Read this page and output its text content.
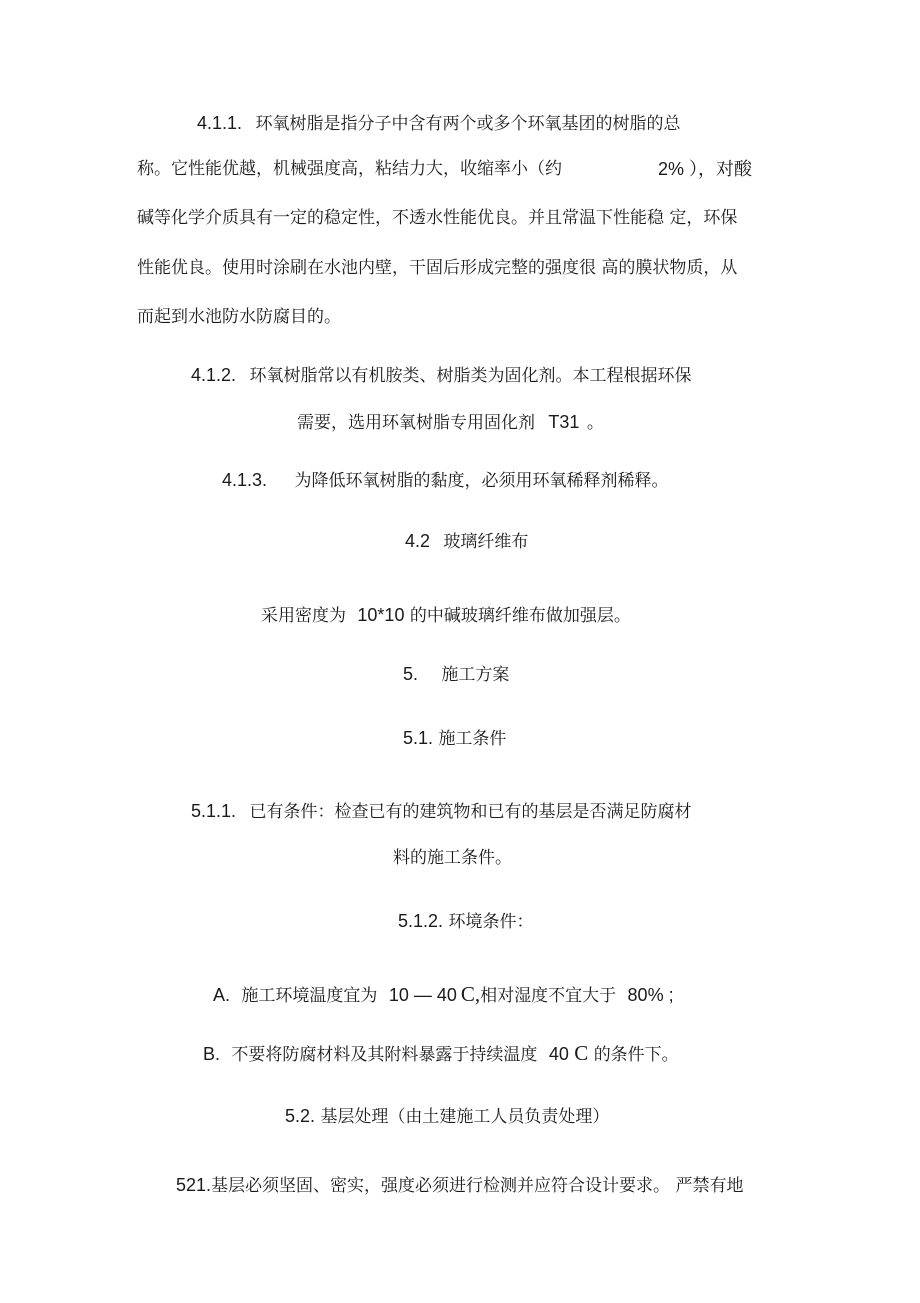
4.1.1. 环氧树脂是指分子中含有两个或多个环氧基团的树脂的总
称。它性能优越，机械强度高，粘结力大，收缩率小（约	2% ），对酸
碱等化学介质具有一定的稳定性，不透水性能优良。并且常温下性能稳 定，环保
性能优良。使用时涂刷在水池内壁，干固后形成完整的强度很 高的膜状物质，从
而起到水池防水防腐目的。
4.1.2. 环氧树脂常以有机胺类、树脂类为固化剂。本工程根据环保
需要，选用环氧树脂专用固化剂 T31 。
4.1.3. 为降低环氧树脂的黏度，必须用环氧稀释剂稀释。
4.2 玻璃纤维布
采用密度为 10*10 的中碱玻璃纤维布做加强层。
5. 施工方案
5.1. 施工条件
5.1.1. 已有条件：检查已有的建筑物和已有的基层是否满足防腐材
料的施工条件。
5.1.2. 环境条件：
A. 施工环境温度宜为 10 — 40 C,相对湿度不宜大于 80% ;
B. 不要将防腐材料及其附料暴露于持续温度 40 C 的条件下。
5.2. 基层处理（由土建施工人员负责处理）
521.基层必须坚固、密实，强度必须进行检测并应符合设计要求。 严禁有地
